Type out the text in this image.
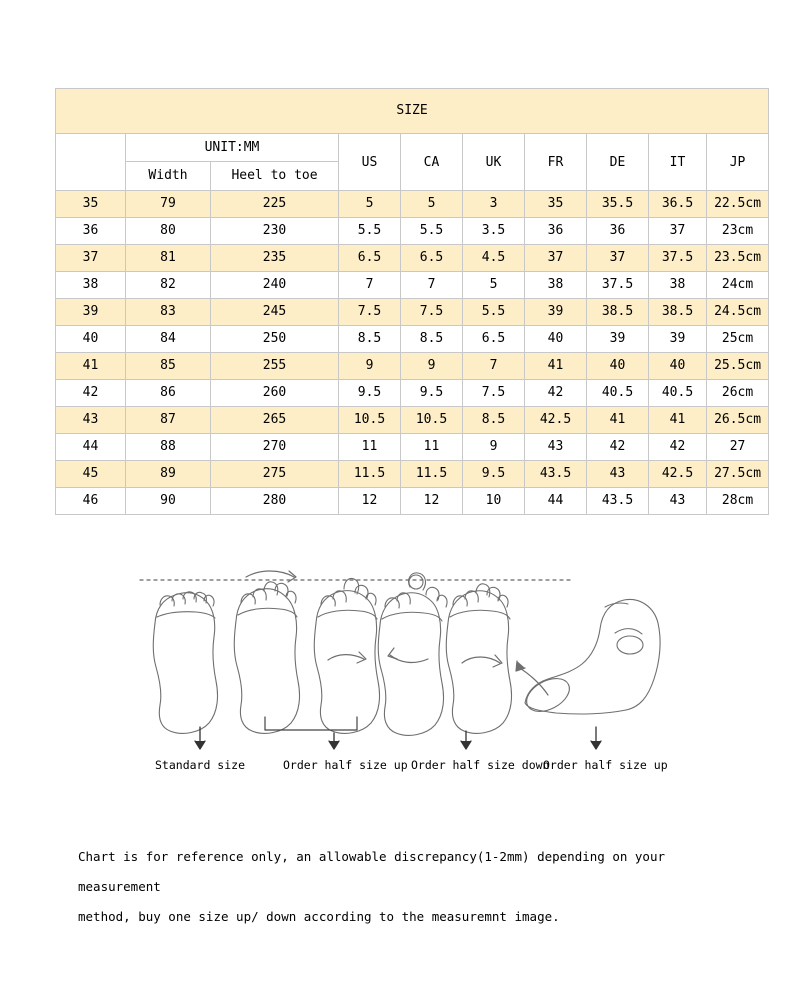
SIZE									
	UNIT:MM		US	CA	UK	FR	DE	IT	JP
	Width	Heel to toe							
35	79	225	5	5	3	35	35.5	36.5	22.5cm
36	80	230	5.5	5.5	3.5	36	36	37	23cm
37	81	235	6.5	6.5	4.5	37	37	37.5	23.5cm
38	82	240	7	7	5	38	37.5	38	24cm
39	83	245	7.5	7.5	5.5	39	38.5	38.5	24.5cm
40	84	250	8.5	8.5	6.5	40	39	39	25cm
41	85	255	9	9	7	41	40	40	25.5cm
42	86	260	9.5	9.5	7.5	42	40.5	40.5	26cm
43	87	265	10.5	10.5	8.5	42.5	41	41	26.5cm
44	88	270	11	11	9	43	42	42	27
45	89	275	11.5	11.5	9.5	43.5	43	42.5	27.5cm
46	90	280	12	12	10	44	43.5	43	28cm
Standard size	Order half size up Order half size down
Order half size up
Chart is for reference only, an allowable discrepancy(1-2mm) depending on your measurement
method, buy one size up/ down according to the measuremnt image.
